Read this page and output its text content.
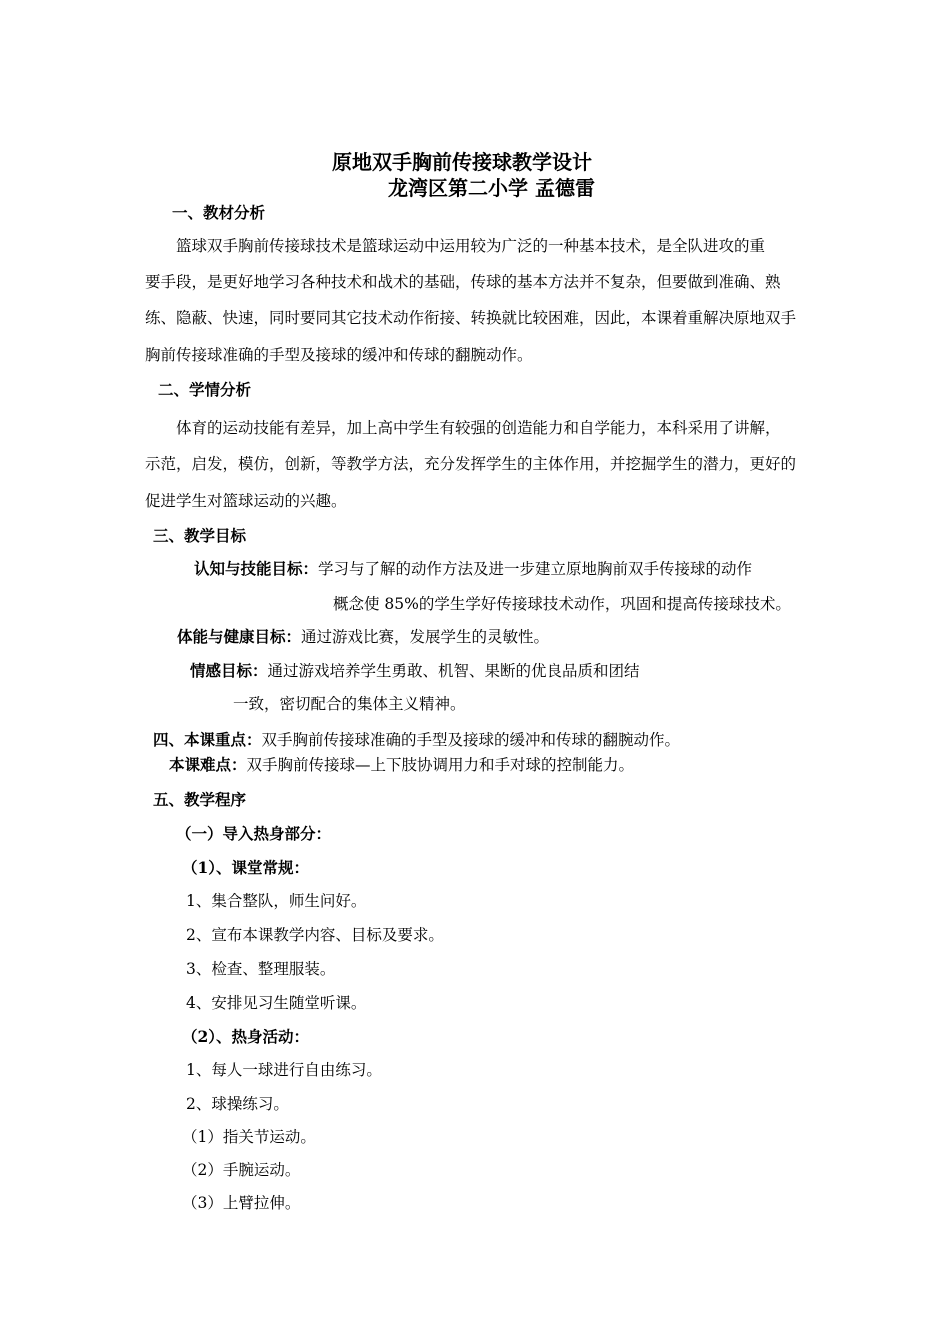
原地双手胸前传接球教学设计
龙湾区第二小学 孟德雷
一、教材分析
篮球双手胸前传接球技术是篮球运动中运用较为广泛的一种基本技术，是全队进攻的重
要手段，是更好地学习各种技术和战术的基础，传球的基本方法并不复杂，但要做到准确、熟
练、隐蔽、快速，同时要同其它技术动作衔接、转换就比较困难，因此，本课着重解决原地双手
胸前传接球准确的手型及接球的缓冲和传球的翻腕动作。
二、学情分析
体育的运动技能有差异，加上高中学生有较强的创造能力和自学能力，本科采用了讲解，
示范，启发，模仿，创新，等教学方法，充分发挥学生的主体作用，并挖掘学生的潜力，更好的
促进学生对篮球运动的兴趣。
三、教学目标
认知与技能目标：学习与了解的动作方法及进一步建立原地胸前双手传接球的动作
概念使 85%的学生学好传接球技术动作，巩固和提高传接球技术。
体能与健康目标：通过游戏比赛，发展学生的灵敏性。
情感目标：通过游戏培养学生勇敢、机智、果断的优良品质和团结
一致，密切配合的集体主义精神。
四、本课重点：双手胸前传接球准确的手型及接球的缓冲和传球的翻腕动作。
本课难点：双手胸前传接球—上下肢协调用力和手对球的控制能力。
五、教学程序
（一）导入热身部分：
（1）、课堂常规：
1、集合整队，师生问好。
2、宣布本课教学内容、目标及要求。
3、检查、整理服装。
4、安排见习生随堂听课。
（2）、热身活动：
1、每人一球进行自由练习。
2、球操练习。
（1）指关节运动。
（2）手腕运动。
（3）上臂拉伸。
